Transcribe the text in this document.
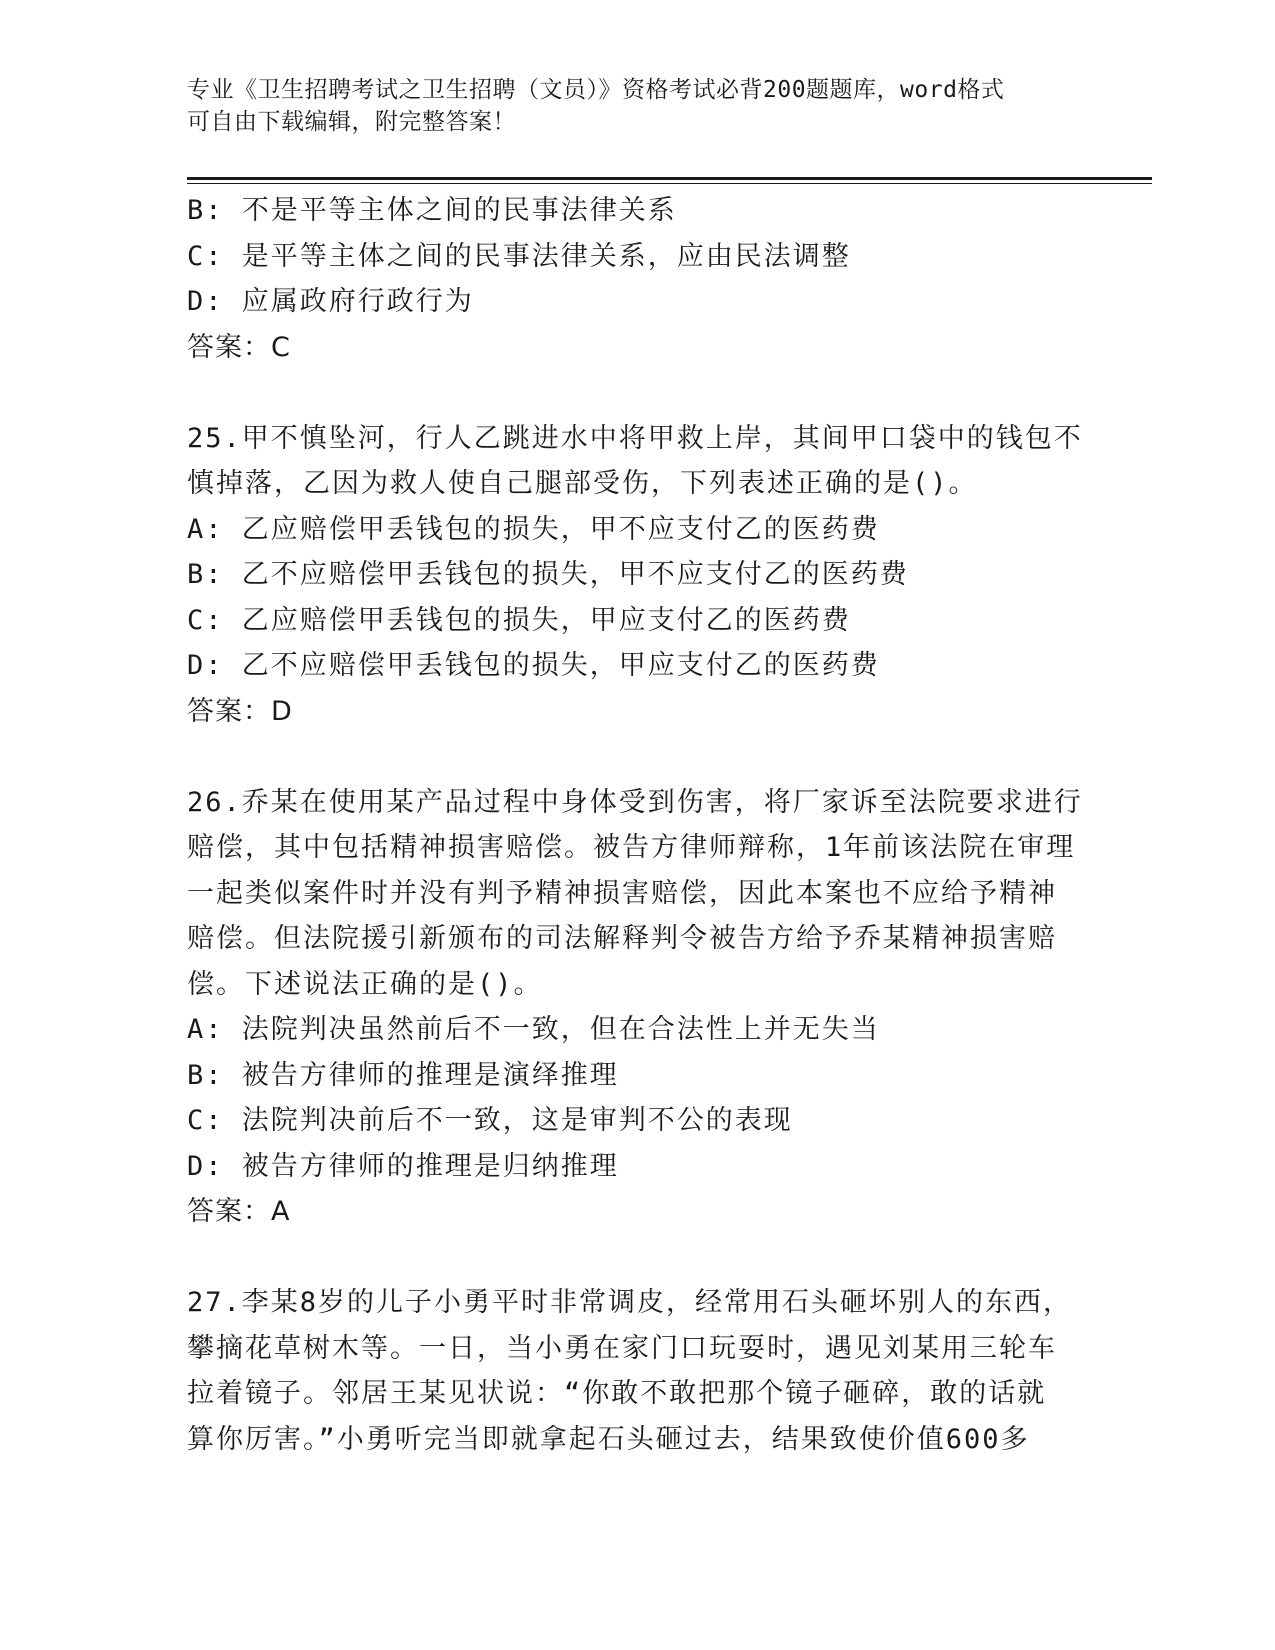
专业《卫生招聘考试之卫生招聘（文员）》资格考试必背200题题库，word格式
可自由下载编辑，附完整答案！
B: 不是平等主体之间的民事法律关系
C: 是平等主体之间的民事法律关系，应由民法调整
D: 应属政府行政行为
答案：C
25.甲不慎坠河，行人乙跳进水中将甲救上岸，其间甲口袋中的钱包不
慎掉落，乙因为救人使自己腿部受伤，下列表述正确的是()。
A: 乙应赔偿甲丢钱包的损失，甲不应支付乙的医药费
B: 乙不应赔偿甲丢钱包的损失，甲不应支付乙的医药费
C: 乙应赔偿甲丢钱包的损失，甲应支付乙的医药费
D: 乙不应赔偿甲丢钱包的损失，甲应支付乙的医药费
答案：D
26.乔某在使用某产品过程中身体受到伤害，将厂家诉至法院要求进行
赔偿，其中包括精神损害赔偿。被告方律师辩称，1年前该法院在审理
一起类似案件时并没有判予精神损害赔偿，因此本案也不应给予精神
赔偿。但法院援引新颁布的司法解释判令被告方给予乔某精神损害赔
偿。下述说法正确的是()。
A: 法院判决虽然前后不一致，但在合法性上并无失当
B: 被告方律师的推理是演绎推理
C: 法院判决前后不一致，这是审判不公的表现
D: 被告方律师的推理是归纳推理
答案：A
27.李某8岁的儿子小勇平时非常调皮，经常用石头砸坏别人的东西，
攀摘花草树木等。一日，当小勇在家门口玩耍时，遇见刘某用三轮车
拉着镜子。邻居王某见状说：“你敢不敢把那个镜子砸碎，敢的话就
算你厉害。”小勇听完当即就拿起石头砸过去，结果致使价值600多
